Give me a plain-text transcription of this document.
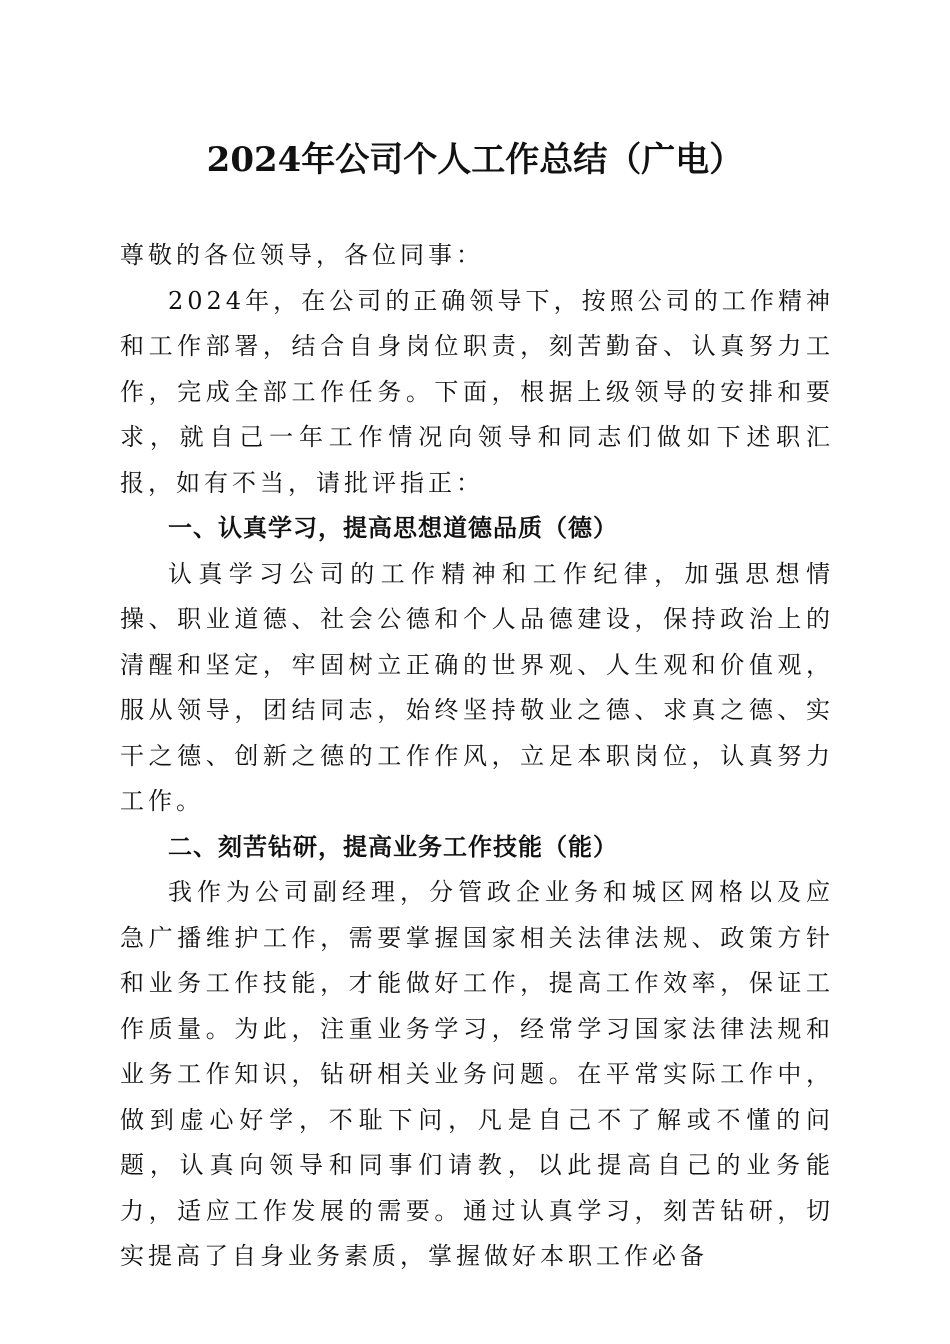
2024年公司个人工作总结（广电）

尊敬的各位领导，各位同事：

2024年，在公司的正确领导下，按照公司的工作精神和工作部署，结合自身岗位职责，刻苦勤奋、认真努力工作，完成全部工作任务。下面，根据上级领导的安排和要求，就自己一年工作情况向领导和同志们做如下述职汇报，如有不当，请批评指正：

一、认真学习，提高思想道德品质（德）

认真学习公司的工作精神和工作纪律，加强思想情操、职业道德、社会公德和个人品德建设，保持政治上的清醒和坚定，牢固树立正确的世界观、人生观和价值观，服从领导，团结同志，始终坚持敬业之德、求真之德、实干之德、创新之德的工作作风，立足本职岗位，认真努力工作。

二、刻苦钻研，提高业务工作技能（能）

我作为公司副经理，分管政企业务和城区网格以及应急广播维护工作，需要掌握国家相关法律法规、政策方针和业务工作技能，才能做好工作，提高工作效率，保证工作质量。为此，注重业务学习，经常学习国家法律法规和业务工作知识，钻研相关业务问题。在平常实际工作中，做到虚心好学，不耻下问，凡是自己不了解或不懂的问题，认真向领导和同事们请教，以此提高自己的业务能力，适应工作发展的需要。通过认真学习，刻苦钻研，切实提高了自身业务素质，掌握做好本职工作必备
